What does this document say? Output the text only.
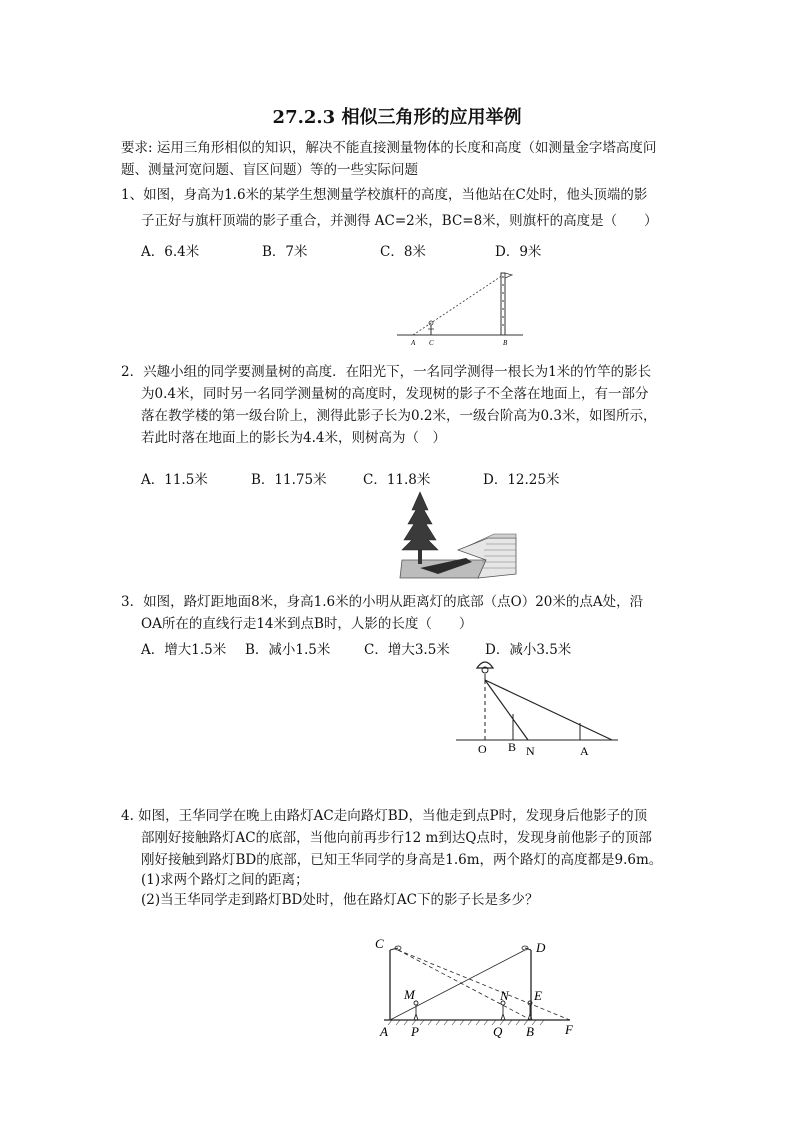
27.2.3 相似三角形的应用举例
要求: 运用三角形相似的知识，解决不能直接测量物体的长度和高度（如测量金字塔高度问
题、测量河宽问题、盲区问题）等的一些实际问题
1、如图，身高为1.6米的某学生想测量学校旗杆的高度，当他站在C处时，他头顶端的影
子正好与旗杆顶端的影子重合，并测得 AC=2米，BC=8米，则旗杆的高度是（　　）
A．6.4米	B．7米	C．8米	D．9米
A C	B
2．兴趣小组的同学要测量树的高度．在阳光下，一名同学测得一根长为1米的竹竿的影长
为0.4米，同时另一名同学测量树的高度时，发现树的影子不全落在地面上，有一部分
落在教学楼的第一级台阶上，测得此影子长为0.2米，一级台阶高为0.3米，如图所示，
若此时落在地面上的影长为4.4米，则树高为（　）
A．11.5米	B．11.75米	C．11.8米	D．12.25米
3．如图，路灯距地面8米，身高1.6米的小明从距离灯的底部（点O）20米的点A处，沿
OA所在的直线行走14米到点B时，人影的长度（　　）
A．增大1.5米 B．减小1.5米 C．增大3.5米	D．减小3.5米
O B N	A
4. 如图，王华同学在晚上由路灯AC走向路灯BD，当他走到点P时，发现身后他影子的顶
部刚好接触路灯AC的底部，当他向前再步行12 m到达Q点时，发现身前他影子的顶部
刚好接触到路灯BD的底部，已知王华同学的身高是1.6m，两个路灯的高度都是9.6m。
(1)求两个路灯之间的距离；
(2)当王华同学走到路灯BD处时，他在路灯AC下的影子长是多少？
C	D
M	N E
A P	Q B F
